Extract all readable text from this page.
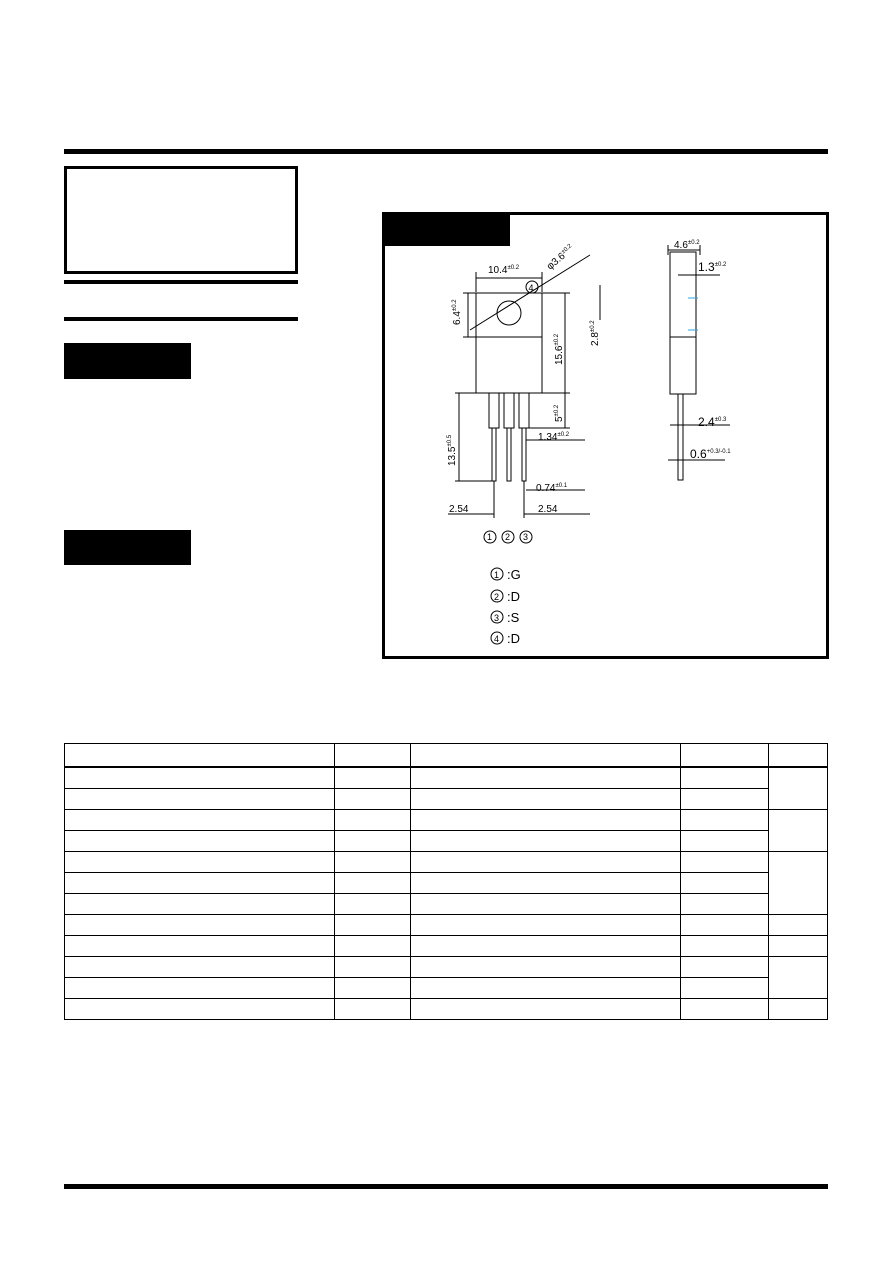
$10.4^{\pm 0.2}$	$\varphi 3.6^{\pm 0.2}$
$6.4^{\pm 0.2}$
$15.6^{\pm 0.2}$	$2.8^{\pm 0.2}$
$5^{\pm 0.2}$
$13.5^{\pm 0.5}$	$1.34^{\pm 0.2}$
$0.74^{\pm 0.1}$
2.54	2.54
$4.6^{\pm 0.2}$
$1.3^{\pm 0.2}$
$2.4^{\pm 0.3}$
$0.6^{+0.3/-0.1}$
4
1 2 3
1 :G
2 :D
3 :S
4 :D
